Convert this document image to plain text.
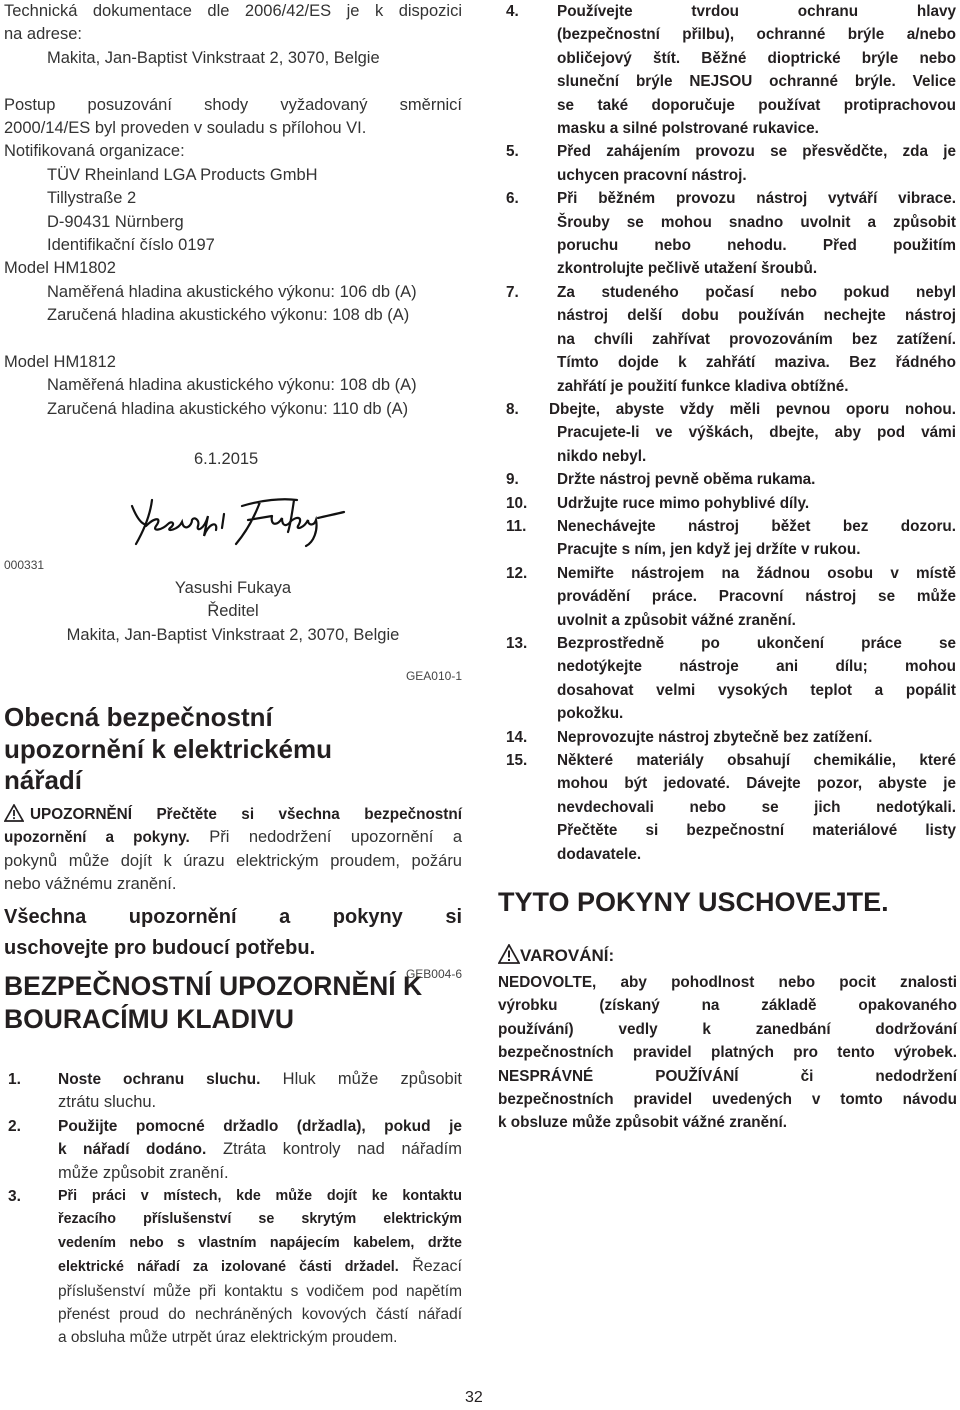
Technická dokumentace dle 2006/42/ES je k dispozici
na adrese:
Makita, Jan-Baptist Vinkstraat 2, 3070, Belgie
Postup posuzování shody vyžadovaný směrnicí
2000/14/ES byl proveden v souladu s přílohou VI.
Notifikovaná organizace:
TÜV Rheinland LGA Products GmbH
Tillystraße 2
D-90431 Nürnberg
Identifikační číslo 0197
Model HM1802
Naměřená hladina akustického výkonu: 106 db (A)
Zaručená hladina akustického výkonu: 108 db (A)
Model HM1812
Naměřená hladina akustického výkonu: 108 db (A)
Zaručená hladina akustického výkonu: 110 db (A)
6.1.2015
Yasushi Fukaya
000331
Yasushi Fukaya
Ředitel
Makita, Jan-Baptist Vinkstraat 2, 3070, Belgie
GEA010-1
Obecná bezpečnostní
upozornění k elektrickému
nářadí
UPOZORNĚNÍ Přečtěte si všechna bezpečnostní
upozornění a pokyny. Při nedodržení upozornění a
pokynů může dojít k úrazu elektrickým proudem, požáru
nebo vážnému zranění.
Všechna upozornění a pokyny si
uschovejte pro budoucí potřebu.
GEB004-6
BEZPEČNOSTNÍ UPOZORNĚNÍ K
BOURACÍMU KLADIVU
1.	Noste ochranu sluchu. Hluk může způsobit
ztrátu sluchu.
2.	Použijte pomocné držadlo (držadla), pokud je
k nářadí dodáno. Ztráta kontroly nad nářadím
může způsobit zranění.
3.	Při práci v místech, kde může dojít ke kontaktu
řezacího příslušenství se skrytým elektrickým
vedením nebo s vlastním napájecím kabelem, držte
elektrické nářadí za izolované části držadel. Řezací
příslušenství může při kontaktu s vodičem pod napětím
přenést proud do nechráněných kovových částí nářadí
a obsluha může utrpět úraz elektrickým proudem.
4.	Používejte tvrdou ochranu hlavy
(bezpečnostní přilbu), ochranné brýle a/nebo
obličejový štít. Běžné dioptrické brýle nebo
sluneční brýle NEJSOU ochranné brýle. Velice
se také doporučuje používat protiprachovou
masku a silné polstrované rukavice.
5.	Před zahájením provozu se přesvědčte, zda je
uchycen pracovní nástroj.
6.	Při běžném provozu nástroj vytváří vibrace.
Šrouby se mohou snadno uvolnit a způsobit
poruchu nebo nehodu. Před použitím
zkontrolujte pečlivě utažení šroubů.
7.	Za studeného počasí nebo pokud nebyl
nástroj delší dobu používán nechejte nástroj
na chvíli zahřívat provozováním bez zatížení.
Tímto dojde k zahřátí maziva. Bez řádného
zahřátí je použití funkce kladiva obtížné.
8.	Dbejte, abyste vždy měli pevnou oporu nohou.
Pracujete-li ve výškách, dbejte, aby pod vámi
nikdo nebyl.
9.	Držte nástroj pevně oběma rukama.
10.	Udržujte ruce mimo pohyblivé díly.
11.	Nenechávejte nástroj běžet bez dozoru.
Pracujte s ním, jen když jej držíte v rukou.
12.	Nemiřte nástrojem na žádnou osobu v místě
provádění práce. Pracovní nástroj se může
uvolnit a způsobit vážné zranění.
13.	Bezprostředně po ukončení práce se
nedotýkejte nástroje ani dílu; mohou
dosahovat velmi vysokých teplot a popálit
pokožku.
14.	Neprovozujte nástroj zbytečně bez zatížení.
15.	Některé materiály obsahují chemikálie, které
mohou být jedovaté. Dávejte pozor, abyste je
nevdechovali nebo se jich nedotýkali.
Přečtěte si bezpečnostní materiálové listy
dodavatele.
TYTO POKYNY USCHOVEJTE.
VAROVÁNÍ:
NEDOVOLTE, aby pohodlnost nebo pocit znalosti
výrobku (získaný na základě opakovaného
používání) vedly k zanedbání dodržování
bezpečnostních pravidel platných pro tento výrobek.
NESPRÁVNÉ POUŽÍVÁNÍ či nedodržení
bezpečnostních pravidel uvedených v tomto návodu
k obsluze může způsobit vážné zranění.
32
